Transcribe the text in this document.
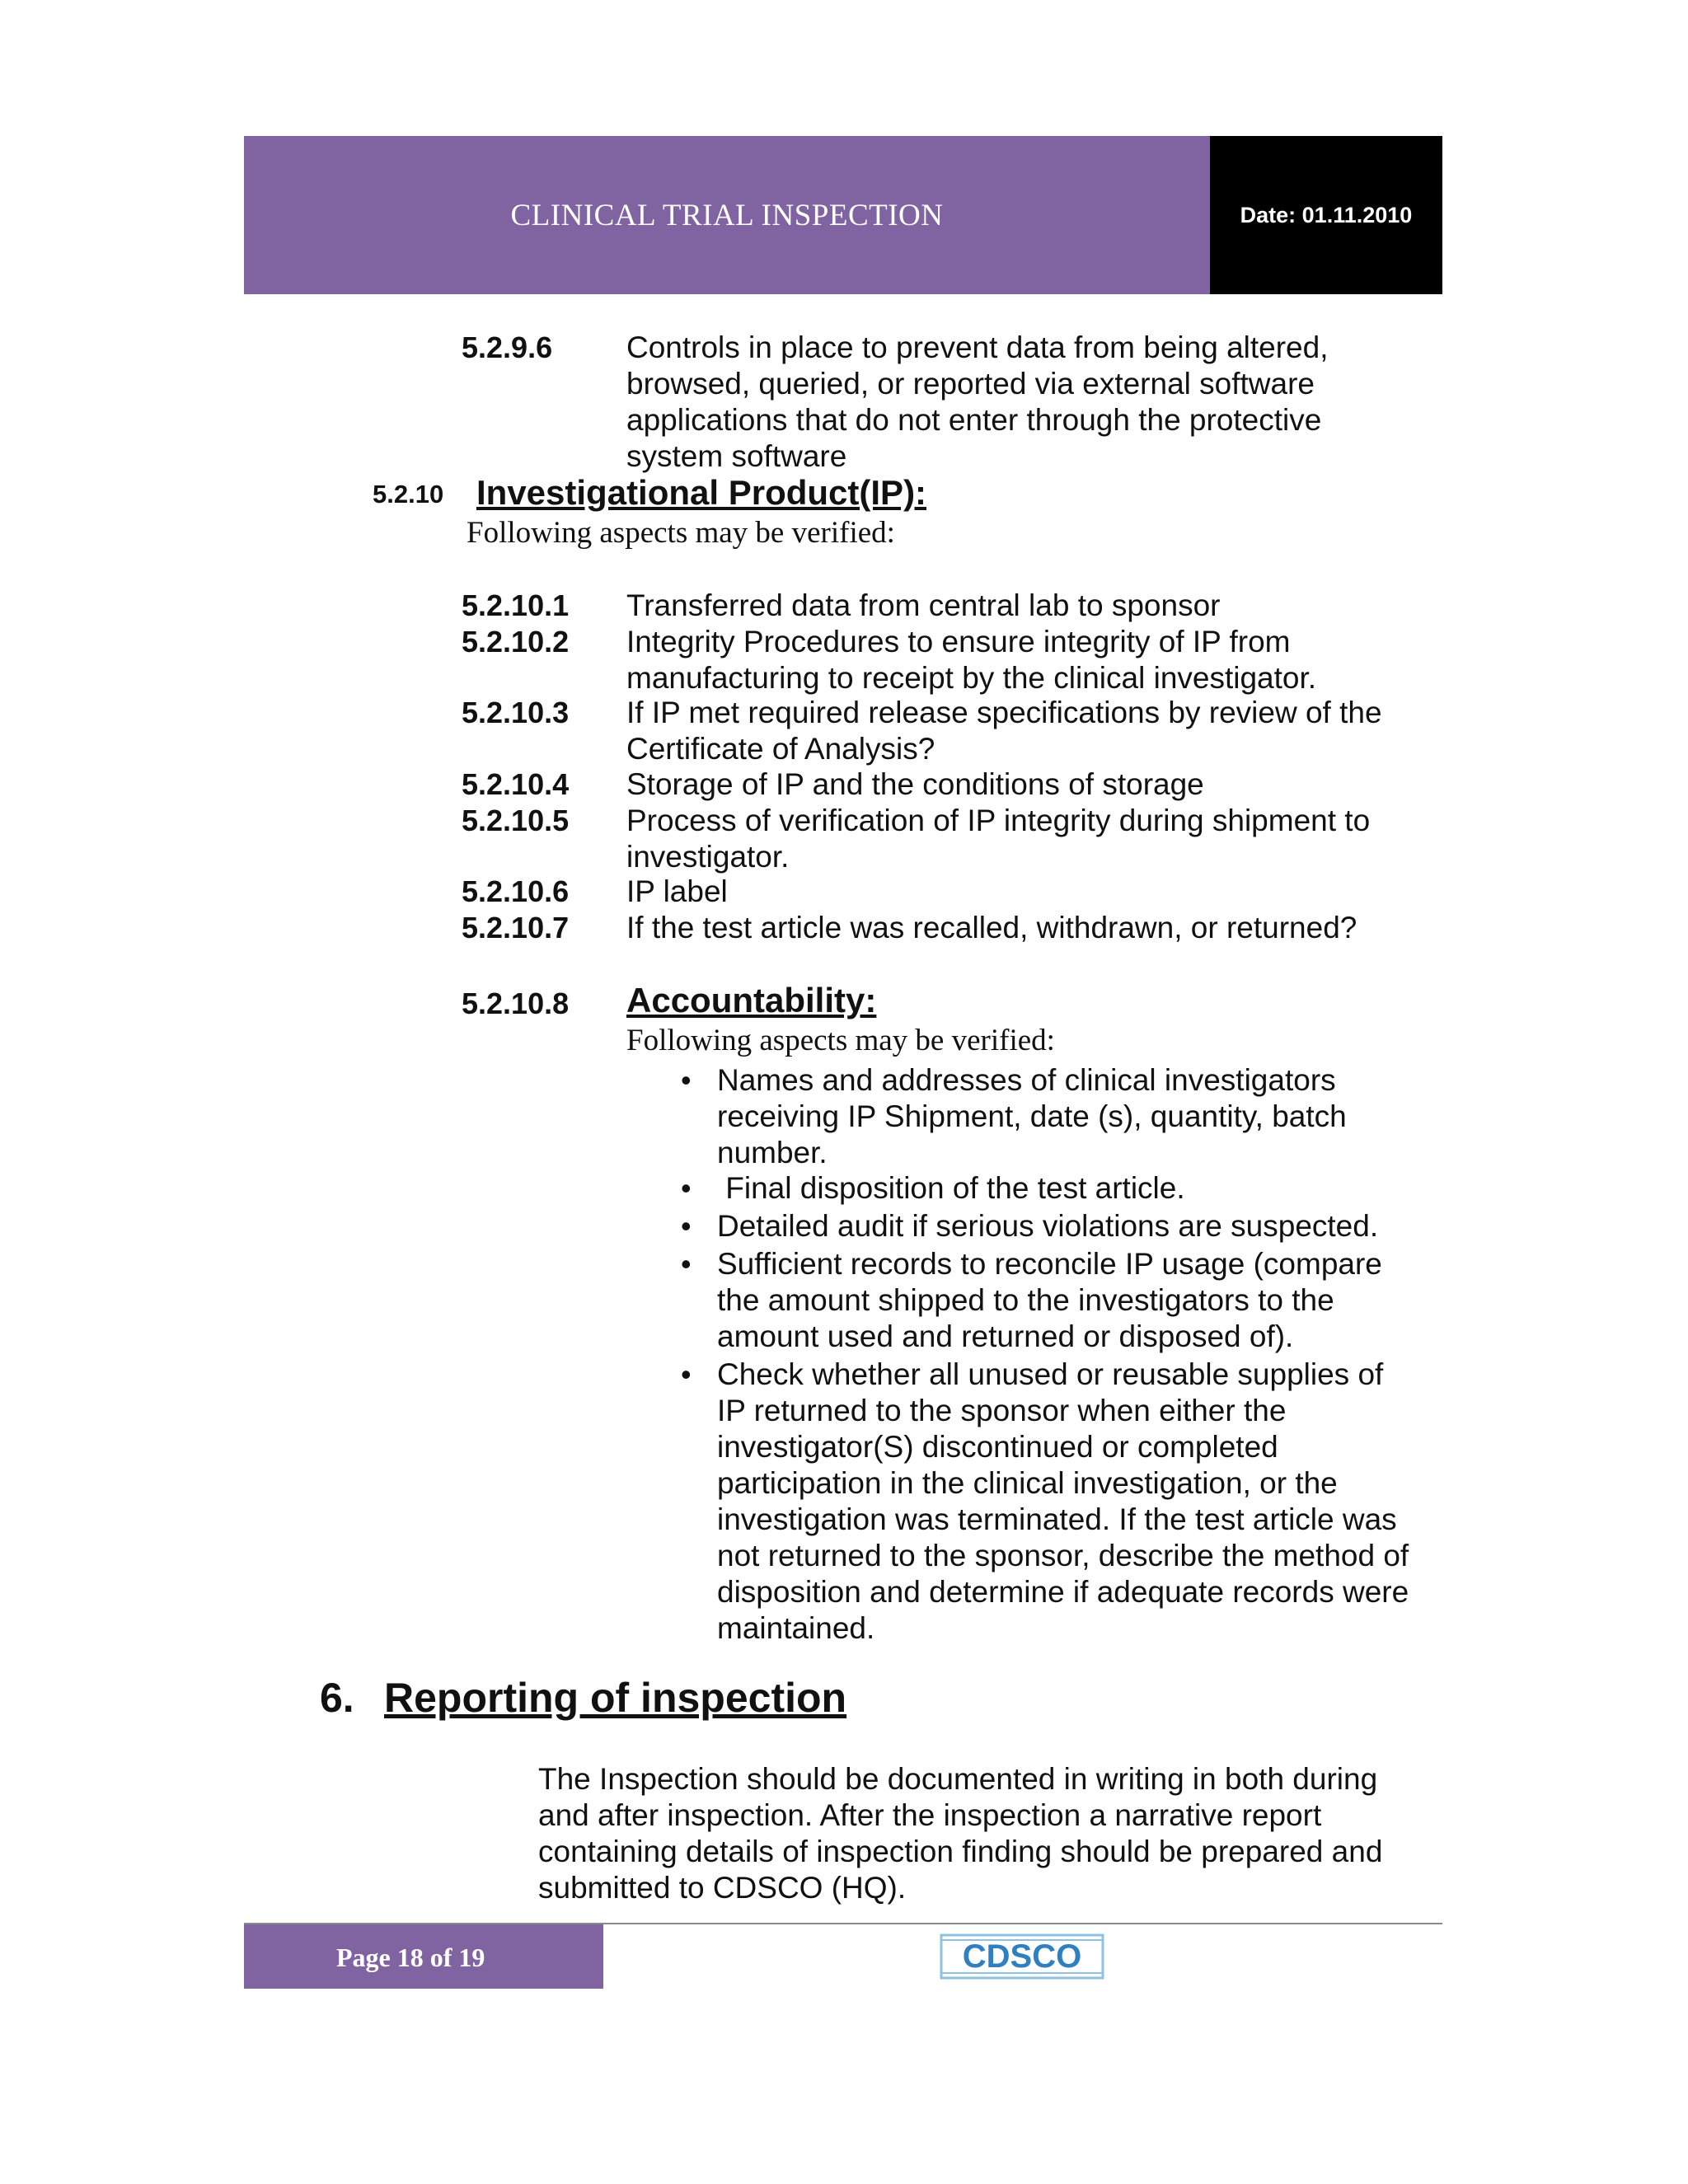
CLINICAL TRIAL INSPECTION	Date: 01.11.2010
5.2.9.6 Controls in place to prevent data from being altered,
browsed, queried, or reported via external software
applications that do not enter through the protective
system software
5.2.10 Investigational Product(IP):
Following aspects may be verified:
5.2.10.1 Transferred data from central lab to sponsor
5.2.10.2 Integrity Procedures to ensure integrity of IP from
manufacturing to receipt by the clinical investigator.
5.2.10.3 If IP met required release specifications by review of the
Certificate of Analysis?
5.2.10.4 Storage of IP and the conditions of storage
5.2.10.5 Process of verification of IP integrity during shipment to
investigator.
5.2.10.6 IP label
5.2.10.7 If the test article was recalled, withdrawn, or returned?
5.2.10.8 Accountability:
Following aspects may be verified:
• Names and addresses of clinical investigators
receiving IP Shipment, date (s), quantity, batch
number.
• Final disposition of the test article.
• Detailed audit if serious violations are suspected.
• Sufficient records to reconcile IP usage (compare
the amount shipped to the investigators to the
amount used and returned or disposed of).
• Check whether all unused or reusable supplies of
IP returned to the sponsor when either the
investigator(S) discontinued or completed
participation in the clinical investigation, or the
investigation was terminated. If the test article was
not returned to the sponsor, describe the method of
disposition and determine if adequate records were
maintained.
6. Reporting of inspection
The Inspection should be documented in writing in both during
and after inspection. After the inspection a narrative report
containing details of inspection finding should be prepared and
submitted to CDSCO (HQ).
Page 18 of 19	CDSCO
